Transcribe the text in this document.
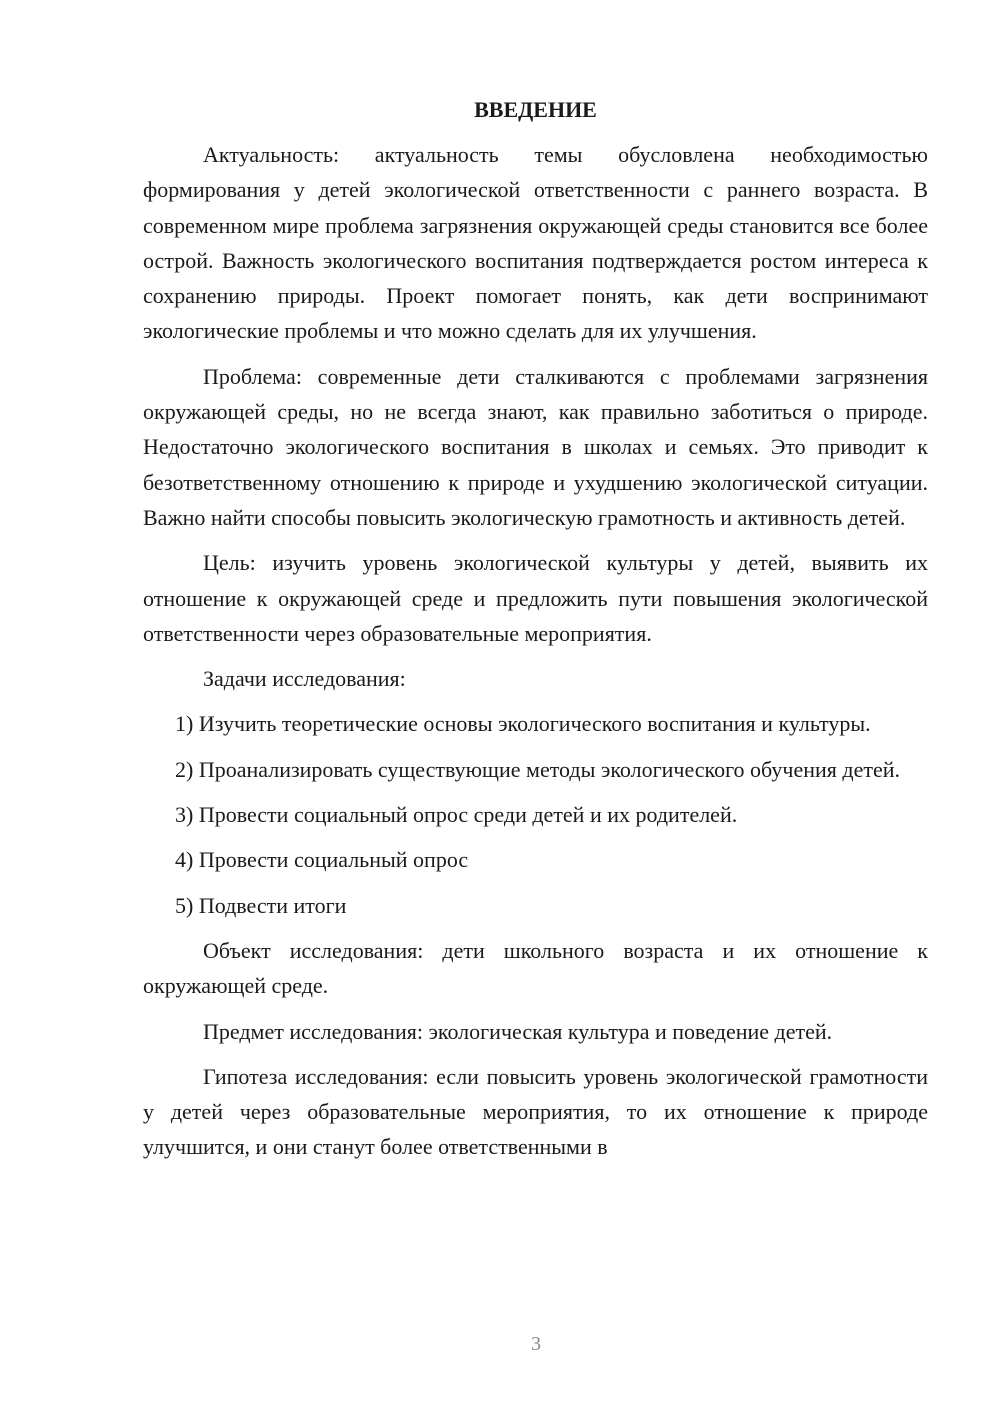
ВВЕДЕНИЕ

Актуальность: актуальность темы обусловлена необходимостью формирования у детей экологической ответственности с раннего возраста. В современном мире проблема загрязнения окружающей среды становится все более острой. Важность экологического воспитания подтверждается ростом интереса к сохранению природы. Проект помогает понять, как дети воспринимают экологические проблемы и что можно сделать для их улучшения.

Проблема: современные дети сталкиваются с проблемами загрязнения окружающей среды, но не всегда знают, как правильно заботиться о природе. Недостаточно экологического воспитания в школах и семьях. Это приводит к безответственному отношению к природе и ухудшению экологической ситуации. Важно найти способы повысить экологическую грамотность и активность детей.

Цель: изучить уровень экологической культуры у детей, выявить их отношение к окружающей среде и предложить пути повышения экологической ответственности через образовательные мероприятия.

Задачи исследования:

1) Изучить теоретические основы экологического воспитания и культуры.

2) Проанализировать существующие методы экологического обучения детей.

3) Провести социальный опрос среди детей и их родителей.

4) Провести социальный опрос

5) Подвести итоги

Объект исследования: дети школьного возраста и их отношение к окружающей среде.

Предмет исследования: экологическая культура и поведение детей.

Гипотеза исследования: если повысить уровень экологической грамотности у детей через образовательные мероприятия, то их отношение к природе улучшится, и они станут более ответственными в

3
